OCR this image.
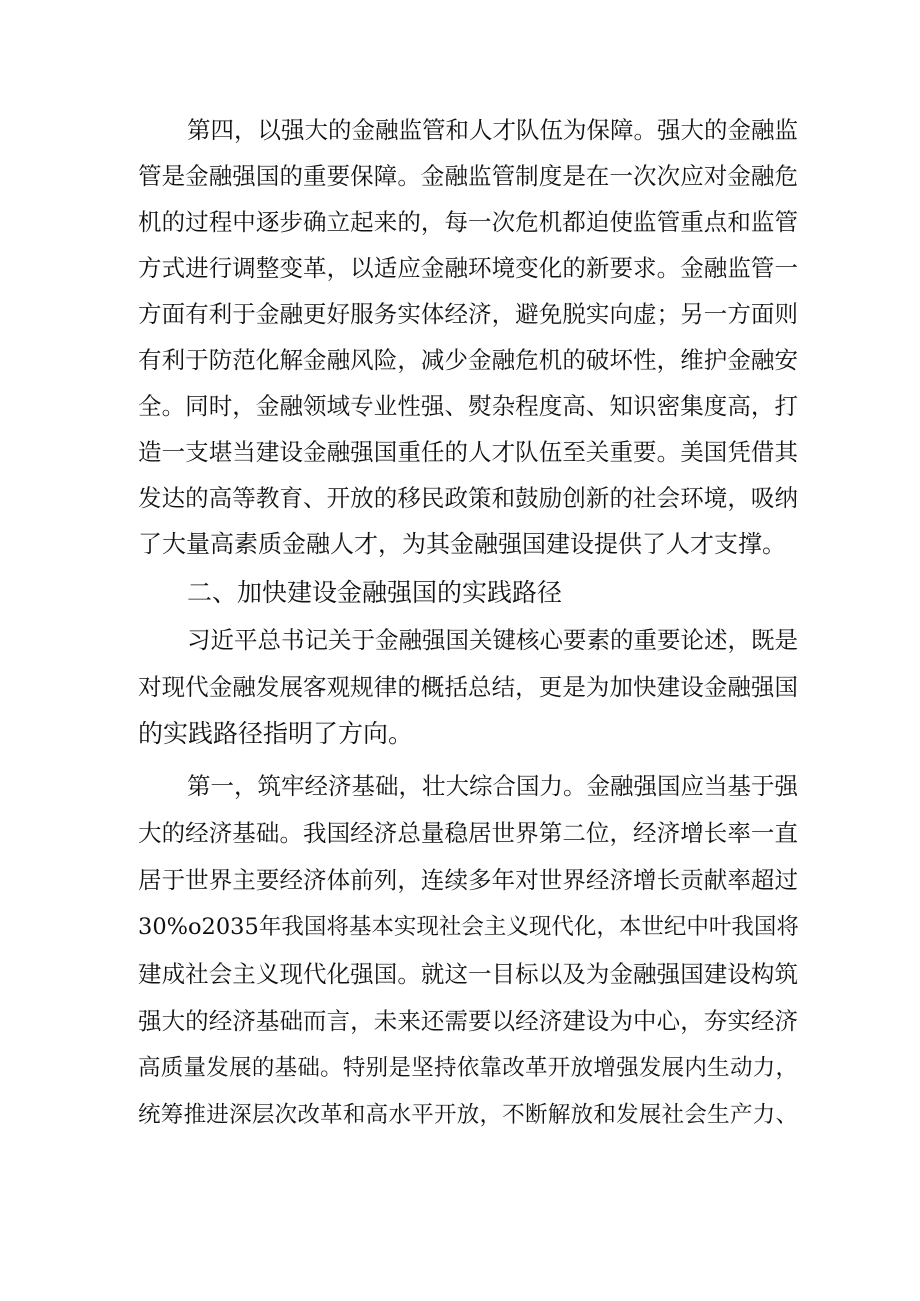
第四，以强大的金融监管和人才队伍为保障。强大的金融监
管是金融强国的重要保障。金融监管制度是在一次次应对金融危
机的过程中逐步确立起来的，每一次危机都迫使监管重点和监管
方式进行调整变革，以适应金融环境变化的新要求。金融监管一
方面有利于金融更好服务实体经济，避免脱实向虚；另一方面则
有利于防范化解金融风险，减少金融危机的破坏性，维护金融安
全。同时，金融领域专业性强、熨杂程度高、知识密集度高，打
造一支堪当建设金融强国重任的人才队伍至关重要。美国凭借其
发达的高等教育、开放的移民政策和鼓励创新的社会环境，吸纳
了大量高素质金融人才，为其金融强国建设提供了人才支撑。
二、加快建设金融强国的实践路径
习近平总书记关于金融强国关键核心要素的重要论述，既是
对现代金融发展客观规律的概括总结，更是为加快建设金融强国
的实践路径指明了方向。
第一，筑牢经济基础，壮大综合国力。金融强国应当基于强
大的经济基础。我国经济总量稳居世界第二位，经济增长率一直
居于世界主要经济体前列，连续多年对世界经济增长贡献率超过
30%o2035年我国将基本实现社会主义现代化，本世纪中叶我国将
建成社会主义现代化强国。就这一目标以及为金融强国建设构筑
强大的经济基础而言，未来还需要以经济建设为中心，夯实经济
高质量发展的基础。特别是坚持依靠改革开放增强发展内生动力，
统筹推进深层次改革和高水平开放，不断解放和发展社会生产力、
